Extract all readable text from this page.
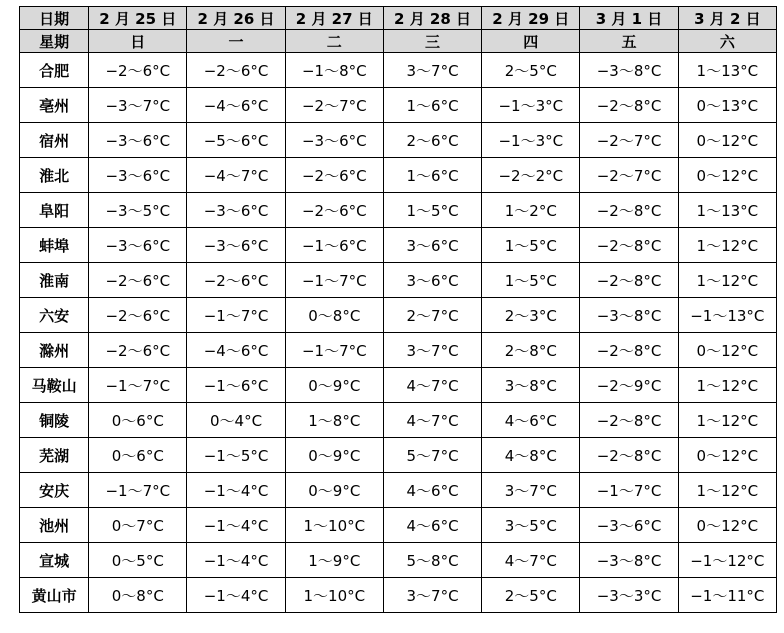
日期	2 月 25 日	2 月 26 日	2 月 27 日	2 月 28 日	2 月 29 日	3 月 1 日	3 月 2 日
星期	日	一	二	三	四	五	六
合肥	−2～6°C	−2～6°C	−1～8°C	3～7°C	2～5°C	−3～8°C	1～13°C
亳州	−3～7°C	−4～6°C	−2～7°C	1～6°C	−1～3°C	−2～8°C	0～13°C
宿州	−3～6°C	−5～6°C	−3～6°C	2～6°C	−1～3°C	−2～7°C	0～12°C
淮北	−3～6°C	−4～7°C	−2～6°C	1～6°C	−2～2°C	−2～7°C	0～12°C
阜阳	−3～5°C	−3～6°C	−2～6°C	1～5°C	1～2°C	−2～8°C	1～13°C
蚌埠	−3～6°C	−3～6°C	−1～6°C	3～6°C	1～5°C	−2～8°C	1～12°C
淮南	−2～6°C	−2～6°C	−1～7°C	3～6°C	1～5°C	−2～8°C	1～12°C
六安	−2～6°C	−1～7°C	0～8°C	2～7°C	2～3°C	−3～8°C	−1～13°C
滁州	−2～6°C	−4～6°C	−1～7°C	3～7°C	2～8°C	−2～8°C	0～12°C
马鞍山	−1～7°C	−1～6°C	0～9°C	4～7°C	3～8°C	−2～9°C	1～12°C
铜陵	0～6°C	0～4°C	1～8°C	4～7°C	4～6°C	−2～8°C	1～12°C
芜湖	0～6°C	−1～5°C	0～9°C	5～7°C	4～8°C	−2～8°C	0～12°C
安庆	−1～7°C	−1～4°C	0～9°C	4～6°C	3～7°C	−1～7°C	1～12°C
池州	0～7°C	−1～4°C	1～10°C	4～6°C	3～5°C	−3～6°C	0～12°C
宣城	0～5°C	−1～4°C	1～9°C	5～8°C	4～7°C	−3～8°C	−1～12°C
黄山市	0～8°C	−1～4°C	1～10°C	3～7°C	2～5°C	−3～3°C	−1～11°C
